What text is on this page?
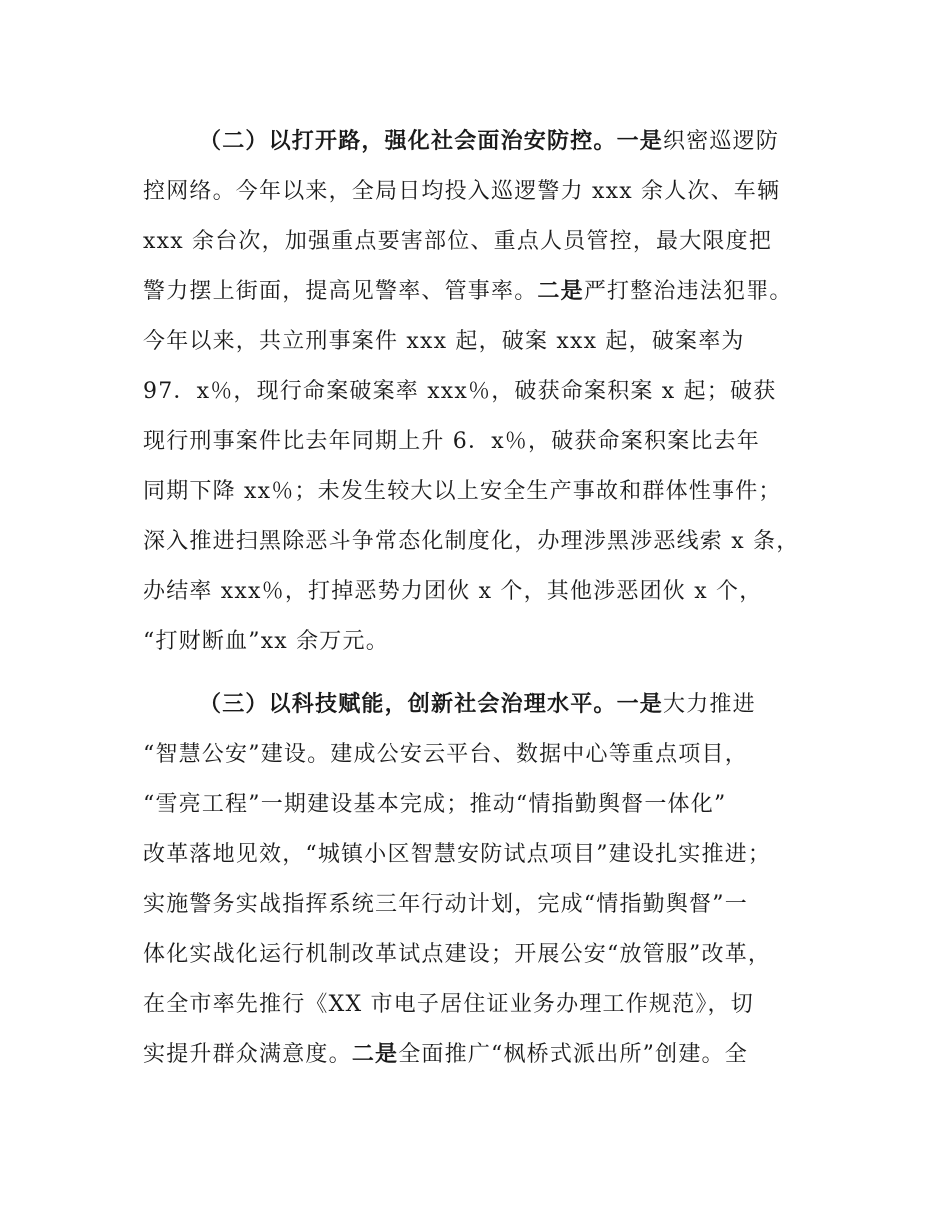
（二）以打开路，强化社会面治安防控。一是织密巡逻防
控网络。今年以来，全局日均投入巡逻警力 xxx 余人次、车辆
xxx 余台次，加强重点要害部位、重点人员管控，最大限度把
警力摆上街面，提高见警率、管事率。二是严打整治违法犯罪。
今年以来，共立刑事案件 xxx 起，破案 xxx 起，破案率为
97．x％，现行命案破案率 xxx％，破获命案积案 x 起；破获
现行刑事案件比去年同期上升 6．x％，破获命案积案比去年
同期下降 xx％；未发生较大以上安全生产事故和群体性事件；
深入推进扫黑除恶斗争常态化制度化，办理涉黑涉恶线索 x 条，
办结率 xxx％，打掉恶势力团伙 x 个，其他涉恶团伙 x 个，
“打财断血”xx 余万元。
（三）以科技赋能，创新社会治理水平。一是大力推进
“智慧公安”建设。建成公安云平台、数据中心等重点项目，
“雪亮工程”一期建设基本完成；推动“情指勤舆督一体化”
改革落地见效，“城镇小区智慧安防试点项目”建设扎实推进；
实施警务实战指挥系统三年行动计划，完成“情指勤舆督”一
体化实战化运行机制改革试点建设；开展公安“放管服”改革，
在全市率先推行《XX 市电子居住证业务办理工作规范》，切
实提升群众满意度。二是全面推广“枫桥式派出所”创建。全
